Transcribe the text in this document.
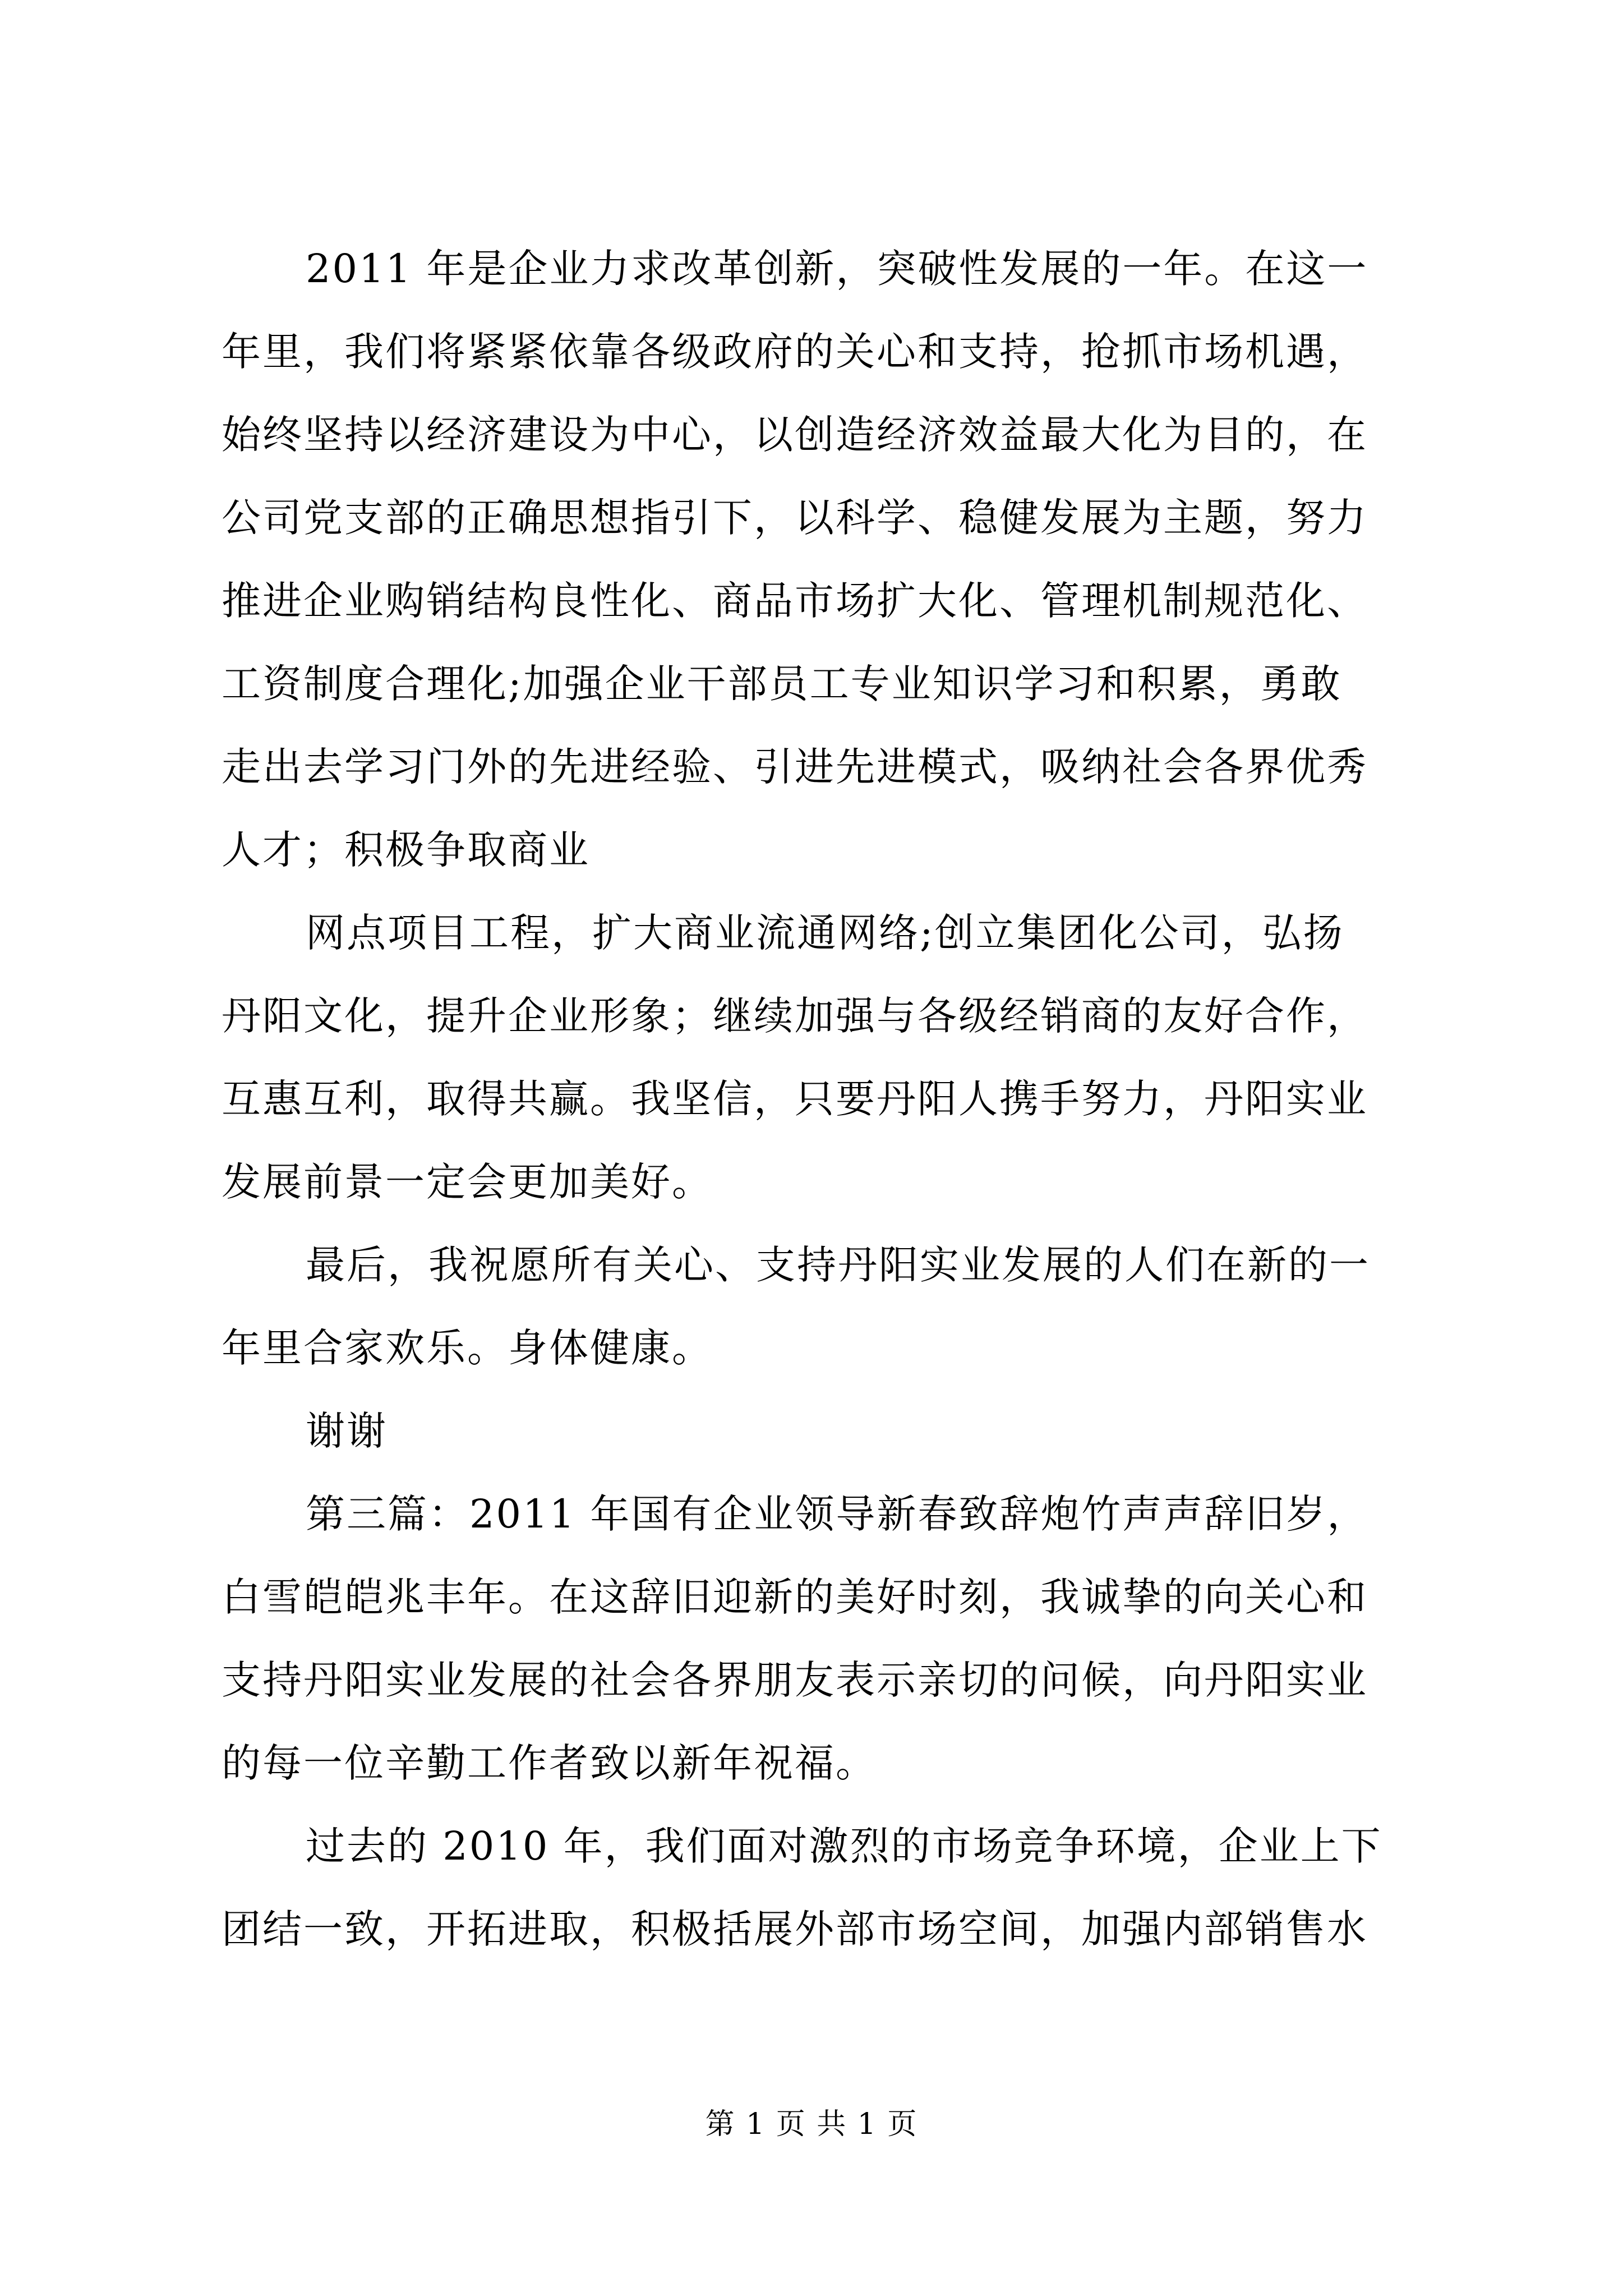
2011 年是企业力求改革创新，突破性发展的一年。在这一
年里，我们将紧紧依靠各级政府的关心和支持，抢抓市场机遇，
始终坚持以经济建设为中心，以创造经济效益最大化为目的，在
公司党支部的正确思想指引下，以科学、稳健发展为主题，努力
推进企业购销结构良性化、商品市场扩大化、管理机制规范化、
工资制度合理化;加强企业干部员工专业知识学习和积累，勇敢
走出去学习门外的先进经验、引进先进模式，吸纳社会各界优秀
人才；积极争取商业

网点项目工程，扩大商业流通网络;创立集团化公司，弘扬
丹阳文化，提升企业形象；继续加强与各级经销商的友好合作，
互惠互利，取得共赢。我坚信，只要丹阳人携手努力，丹阳实业
发展前景一定会更加美好。

最后，我祝愿所有关心、支持丹阳实业发展的人们在新的一
年里合家欢乐。身体健康。

谢谢

第三篇：2011 年国有企业领导新春致辞炮竹声声辞旧岁，
白雪皑皑兆丰年。在这辞旧迎新的美好时刻，我诚挚的向关心和
支持丹阳实业发展的社会各界朋友表示亲切的问候，向丹阳实业
的每一位辛勤工作者致以新年祝福。

过去的 2010 年，我们面对激烈的市场竞争环境，企业上下
团结一致，开拓进取，积极括展外部市场空间，加强内部销售水

第 1 页 共 1 页
